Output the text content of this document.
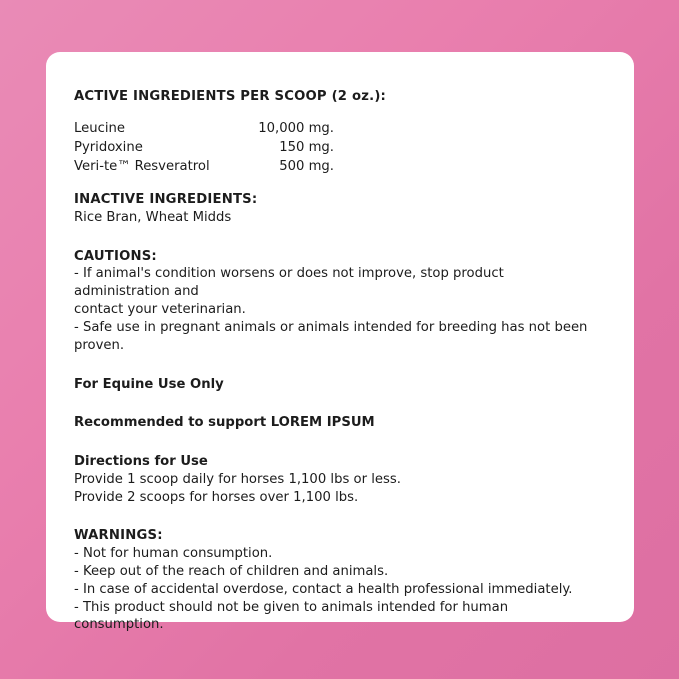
ACTIVE INGREDIENTS PER SCOOP (2 oz.):

Leucine	10,000 mg.
Pyridoxine	150 mg.
Veri-te™ Resveratrol	500 mg.

INACTIVE INGREDIENTS:

Rice Bran, Wheat Midds

CAUTIONS:

- If animal's condition worsens or does not improve, stop product administration and

contact your veterinarian.

- Safe use in pregnant animals or animals intended for breeding has not been proven.

For Equine Use Only

Recommended to support LOREM IPSUM

Directions for Use

Provide 1 scoop daily for horses 1,100 lbs or less.

Provide 2 scoops for horses over 1,100 lbs.

WARNINGS:

- Not for human consumption.

- Keep out of the reach of children and animals.

- In case of accidental overdose, contact a health professional immediately.

- This product should not be given to animals intended for human consumption.
